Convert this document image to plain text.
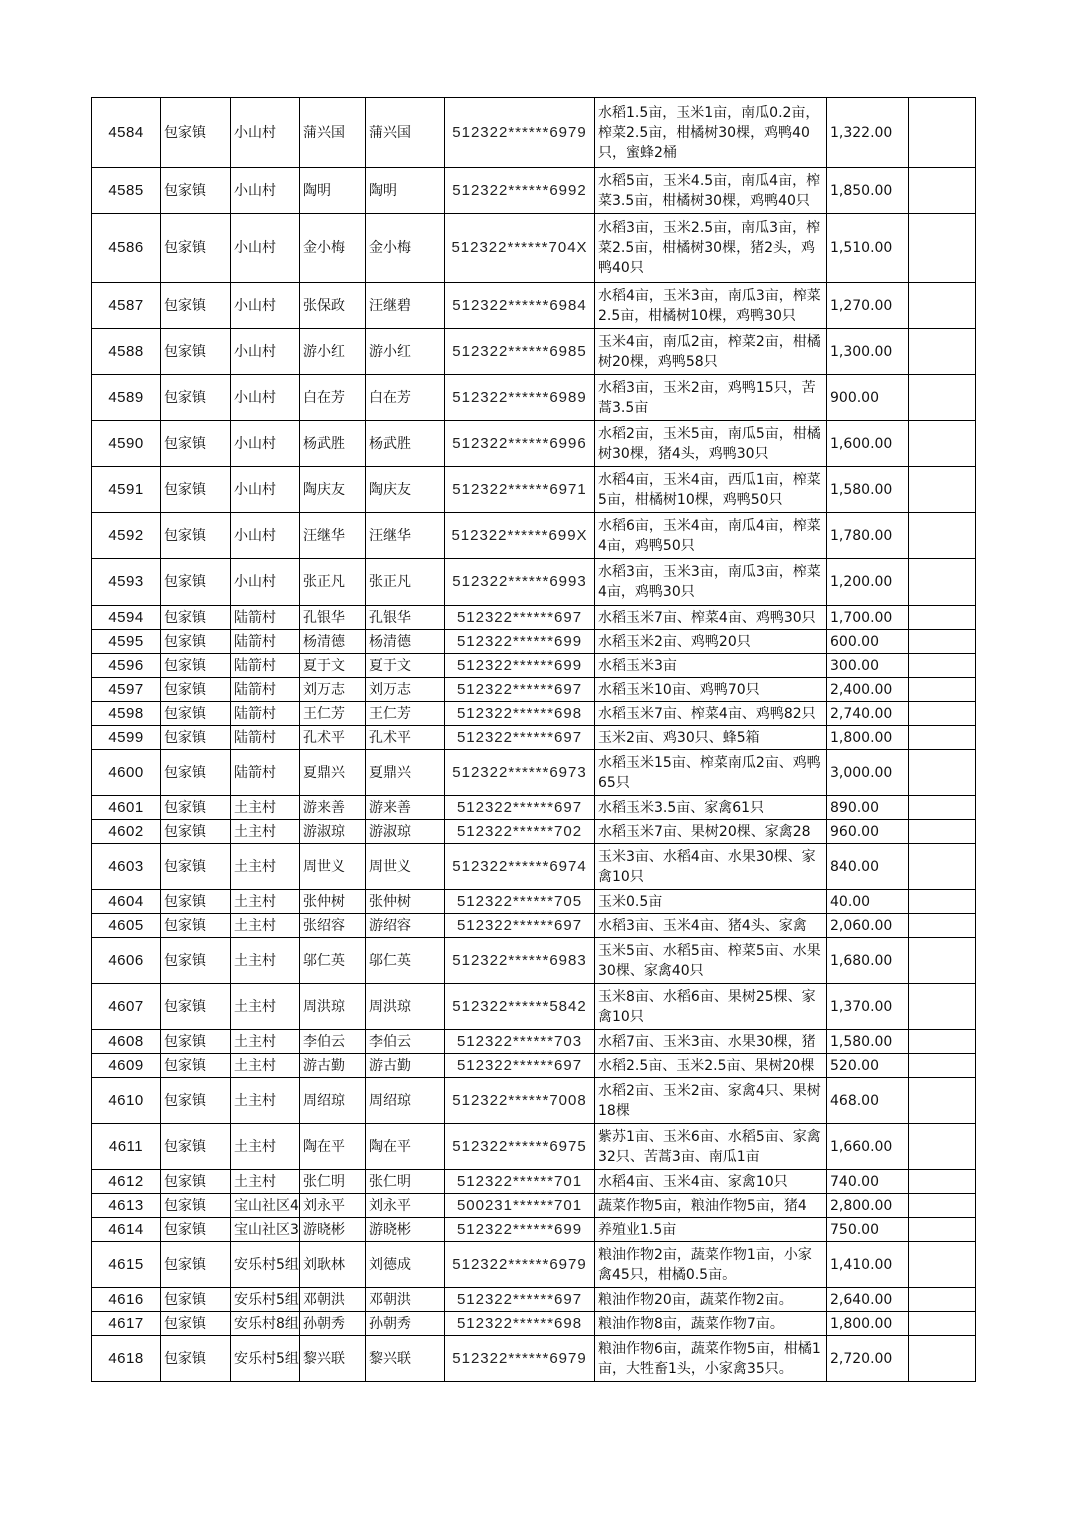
4584	包家镇	小山村	蒲兴国	蒲兴国	512322******6979	水稻1.5亩，玉米1亩，南瓜0.2亩，榨菜2.5亩，柑橘树30棵，鸡鸭40只，蜜蜂2桶	1,322.00	
4585	包家镇	小山村	陶明	陶明	512322******6992	水稻5亩，玉米4.5亩，南瓜4亩，榨菜3.5亩，柑橘树30棵，鸡鸭40只	1,850.00	
4586	包家镇	小山村	金小梅	金小梅	512322******704X	水稻3亩，玉米2.5亩，南瓜3亩，榨菜2.5亩，柑橘树30棵，猪2头，鸡鸭40只	1,510.00	
4587	包家镇	小山村	张保政	汪继碧	512322******6984	水稻4亩，玉米3亩，南瓜3亩，榨菜2.5亩，柑橘树10棵，鸡鸭30只	1,270.00	
4588	包家镇	小山村	游小红	游小红	512322******6985	玉米4亩，南瓜2亩，榨菜2亩，柑橘树20棵，鸡鸭58只	1,300.00	
4589	包家镇	小山村	白在芳	白在芳	512322******6989	水稻3亩，玉米2亩，鸡鸭15只，苦蒿3.5亩	900.00	
4590	包家镇	小山村	杨武胜	杨武胜	512322******6996	水稻2亩，玉米5亩，南瓜5亩，柑橘树30棵，猪4头，鸡鸭30只	1,600.00	
4591	包家镇	小山村	陶庆友	陶庆友	512322******6971	水稻4亩，玉米4亩，西瓜1亩，榨菜5亩，柑橘树10棵，鸡鸭50只	1,580.00	
4592	包家镇	小山村	汪继华	汪继华	512322******699X	水稻6亩，玉米4亩，南瓜4亩，榨菜4亩，鸡鸭50只	1,780.00	
4593	包家镇	小山村	张正凡	张正凡	512322******6993	水稻3亩，玉米3亩，南瓜3亩，榨菜4亩，鸡鸭30只	1,200.00	
4594	包家镇	陆箭村	孔银华	孔银华	512322******697	水稻玉米7亩、榨菜4亩、鸡鸭30只	1,700.00	
4595	包家镇	陆箭村	杨清德	杨清德	512322******699	水稻玉米2亩、鸡鸭20只	600.00	
4596	包家镇	陆箭村	夏于文	夏于文	512322******699	水稻玉米3亩	300.00	
4597	包家镇	陆箭村	刘万志	刘万志	512322******697	水稻玉米10亩、鸡鸭70只	2,400.00	
4598	包家镇	陆箭村	王仁芳	王仁芳	512322******698	水稻玉米7亩、榨菜4亩、鸡鸭82只	2,740.00	
4599	包家镇	陆箭村	孔术平	孔术平	512322******697	玉米2亩、鸡30只、蜂5箱	1,800.00	
4600	包家镇	陆箭村	夏鼎兴	夏鼎兴	512322******6973	水稻玉米15亩、榨菜南瓜2亩、鸡鸭65只	3,000.00	
4601	包家镇	土主村	游来善	游来善	512322******697	水稻玉米3.5亩、家禽61只	890.00	
4602	包家镇	土主村	游淑琼	游淑琼	512322******702	水稻玉米7亩、果树20棵、家禽28	960.00	
4603	包家镇	土主村	周世义	周世义	512322******6974	玉米3亩、水稻4亩、水果30棵、家禽10只	840.00	
4604	包家镇	土主村	张仲树	张仲树	512322******705	玉米0.5亩	40.00	
4605	包家镇	土主村	张绍容	游绍容	512322******697	水稻3亩、玉米4亩、猪4头、家禽	2,060.00	
4606	包家镇	土主村	邬仁英	邬仁英	512322******6983	玉米5亩、水稻5亩、榨菜5亩、水果30棵、家禽40只	1,680.00	
4607	包家镇	土主村	周洪琼	周洪琼	512322******5842	玉米8亩、水稻6亩、果树25棵、家禽10只	1,370.00	
4608	包家镇	土主村	李伯云	李伯云	512322******703	水稻7亩、玉米3亩、水果30棵，猪	1,580.00	
4609	包家镇	土主村	游古勤	游古勤	512322******697	水稻2.5亩、玉米2.5亩、果树20棵	520.00	
4610	包家镇	土主村	周绍琼	周绍琼	512322******7008	水稻2亩、玉米2亩、家禽4只、果树18棵	468.00	
4611	包家镇	土主村	陶在平	陶在平	512322******6975	紫苏1亩、玉米6亩、水稻5亩、家禽32只、苦蒿3亩、南瓜1亩	1,660.00	
4612	包家镇	土主村	张仁明	张仁明	512322******701	水稻4亩、玉米4亩、家禽10只	740.00	
4613	包家镇	宝山社区4	刘永平	刘永平	500231******701	蔬菜作物5亩，粮油作物5亩，猪4	2,800.00	
4614	包家镇	宝山社区3	游晓彬	游晓彬	512322******699	养殖业1.5亩	750.00	
4615	包家镇	安乐村5组	刘耿林	刘德成	512322******6979	粮油作物2亩，蔬菜作物1亩，小家禽45只，柑橘0.5亩。	1,410.00	
4616	包家镇	安乐村5组	邓朝洪	邓朝洪	512322******697	粮油作物20亩，蔬菜作物2亩。	2,640.00	
4617	包家镇	安乐村8组	孙朝秀	孙朝秀	512322******698	粮油作物8亩，蔬菜作物7亩。	1,800.00	
4618	包家镇	安乐村5组	黎兴联	黎兴联	512322******6979	粮油作物6亩，蔬菜作物5亩，柑橘1亩，大牲畜1头，小家禽35只。	2,720.00	
